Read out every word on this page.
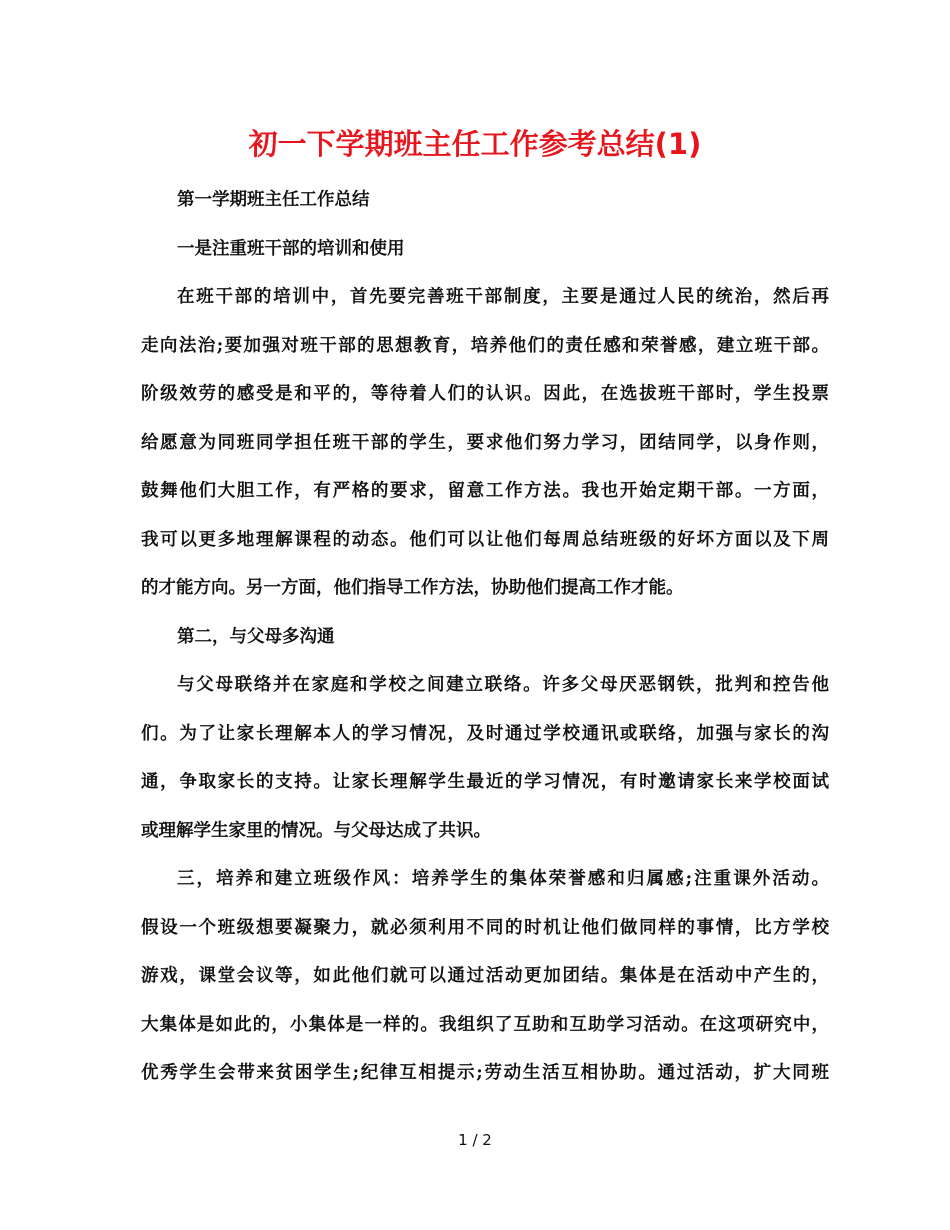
初一下学期班主任工作参考总结(1)
第一学期班主任工作总结
一是注重班干部的培训和使用
在班干部的培训中，首先要完善班干部制度，主要是通过人民的统治，然后再
走向法治;要加强对班干部的思想教育，培养他们的责任感和荣誉感，建立班干部。
阶级效劳的感受是和平的，等待着人们的认识。因此，在选拔班干部时，学生投票
给愿意为同班同学担任班干部的学生，要求他们努力学习，团结同学，以身作则，
鼓舞他们大胆工作，有严格的要求，留意工作方法。我也开始定期干部。一方面，
我可以更多地理解课程的动态。他们可以让他们每周总结班级的好坏方面以及下周
的才能方向。另一方面，他们指导工作方法，协助他们提高工作才能。
第二，与父母多沟通
与父母联络并在家庭和学校之间建立联络。许多父母厌恶钢铁，批判和控告他
们。为了让家长理解本人的学习情况，及时通过学校通讯或联络，加强与家长的沟
通，争取家长的支持。让家长理解学生最近的学习情况，有时邀请家长来学校面试
或理解学生家里的情况。与父母达成了共识。
三，培养和建立班级作风：培养学生的集体荣誉感和归属感;注重课外活动。
假设一个班级想要凝聚力，就必须利用不同的时机让他们做同样的事情，比方学校
游戏，课堂会议等，如此他们就可以通过活动更加团结。集体是在活动中产生的，
大集体是如此的，小集体是一样的。我组织了互助和互助学习活动。在这项研究中，
优秀学生会带来贫困学生;纪律互相提示;劳动生活互相协助。通过活动，扩大同班
1 / 2
